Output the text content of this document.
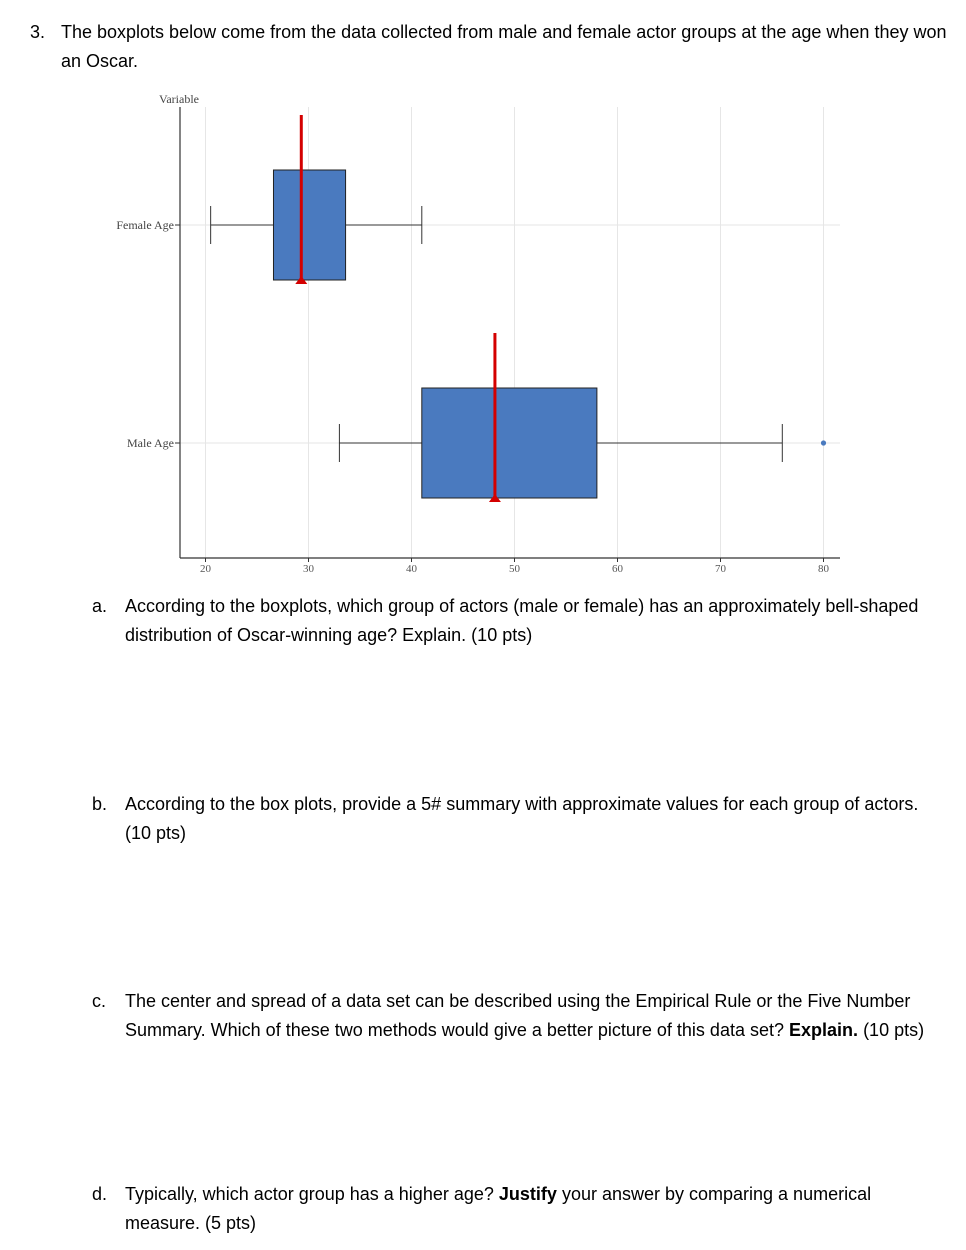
3. The boxplots below come from the data collected from male and female actor groups at the age when they won an Oscar.
Variable
20	30	40	50	60	70	80
Female Age
Male Age
a. According to the boxplots, which group of actors (male or female) has an approximately bell-shaped distribution of Oscar-winning age? Explain. (10 pts)
b. According to the box plots, provide a 5# summary with approximate values for each group of actors. (10 pts)
c. The center and spread of a data set can be described using the Empirical Rule or the Five Number Summary. Which of these two methods would give a better picture of this data set? Explain. (10 pts)
d. Typically, which actor group has a higher age? Justify your answer by comparing a numerical measure. (5 pts)
